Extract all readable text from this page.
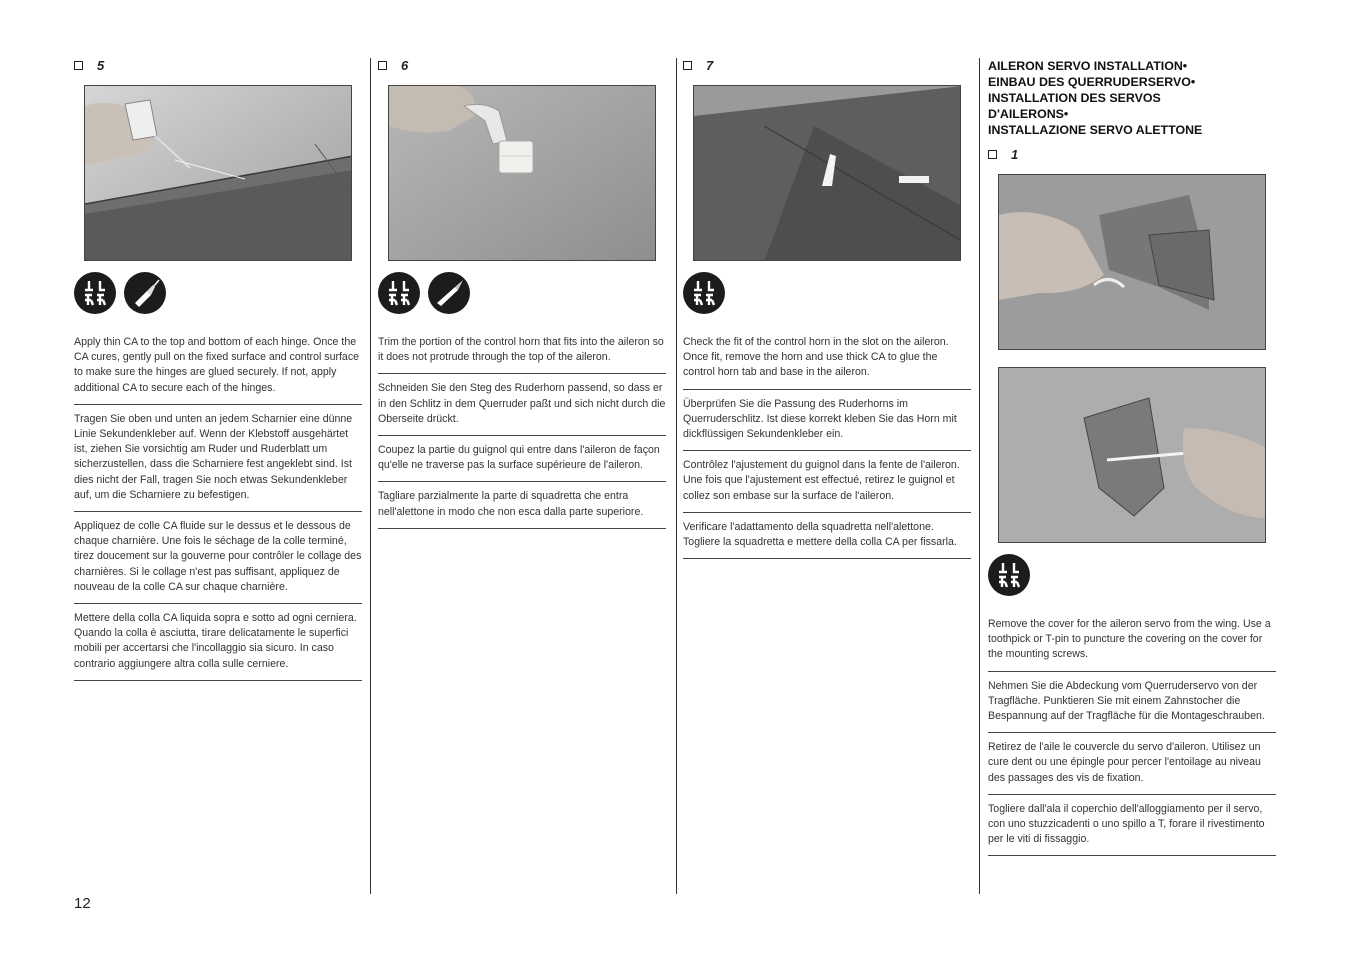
5
Apply thin CA to the top and bottom of each hinge. Once the CA cures, gently pull on the fixed surface and control surface to make sure the hinges are glued securely. If not, apply additional CA to secure each of the hinges.
Tragen Sie oben und unten an jedem Scharnier eine dünne Linie Sekundenkleber auf. Wenn der Klebstoff ausgehärtet ist, ziehen Sie vorsichtig am Ruder und Ruderblatt um sicherzustellen, dass die Scharniere fest angeklebt sind. Ist dies nicht der Fall, tragen Sie noch etwas Sekundenkleber auf, um die Scharniere zu befestigen.
Appliquez de colle CA fluide sur le dessus et le dessous de chaque charnière. Une fois le séchage de la colle terminé, tirez doucement sur la gouverne pour contrôler le collage des charnières. Si le collage n'est pas suffisant, appliquez de nouveau de la colle CA sur chaque charnière.
Mettere della colla CA liquida sopra e sotto ad ogni cerniera. Quando la colla è asciutta, tirare delicatamente le superfici mobili per accertarsi che l'incollaggio sia sicuro. In caso contrario aggiungere altra colla sulle cerniere.
6
Trim the portion of the control horn that fits into the aileron so it does not protrude through the top of the aileron.
Schneiden Sie den Steg des Ruderhorn passend, so dass er in den Schlitz in dem Querruder paßt und sich nicht durch die Oberseite drückt.
Coupez la partie du guignol qui entre dans l'aileron de façon qu'elle ne traverse pas la surface supérieure de l'aileron.
Tagliare parzialmente la parte di squadretta che entra nell'alettone in modo che non esca dalla parte superiore.
7
Check the fit of the control horn in the slot on the aileron. Once fit, remove the horn and use thick CA to glue the control horn tab and base in the aileron.
Überprüfen Sie die Passung des Ruderhorns im Querruderschlitz. Ist diese korrekt kleben Sie das Horn mit dickflüssigen Sekundenkleber ein.
Contrôlez l'ajustement du guignol dans la fente de l'aileron. Une fois que l'ajustement est effectué, retirez le guignol et collez son embase sur la surface de l'aileron.
Verificare l'adattamento della squadretta nell'alettone. Togliere la squadretta e mettere della colla CA per fissarla.
AILERON SERVO INSTALLATION•
EINBAU DES QUERRUDERSERVO•
INSTALLATION DES SERVOS
D'AILERONS•
INSTALLAZIONE SERVO ALETTONE
1
Remove the cover for the aileron servo from the wing. Use a toothpick or T-pin to puncture the covering on the cover for the mounting screws.
Nehmen Sie die Abdeckung vom Querruderservo von der Tragfläche. Punktieren Sie mit einem Zahnstocher die Bespannung auf der Tragfläche für die Montageschrauben.
Retirez de l'aile le couvercle du servo d'aileron. Utilisez un cure dent ou une épingle pour percer l'entoilage au niveau des passages des vis de fixation.
Togliere dall'ala il coperchio dell'alloggiamento per il servo, con uno stuzzicadenti o uno spillo a T, forare il rivestimento per le viti di fissaggio.
12
